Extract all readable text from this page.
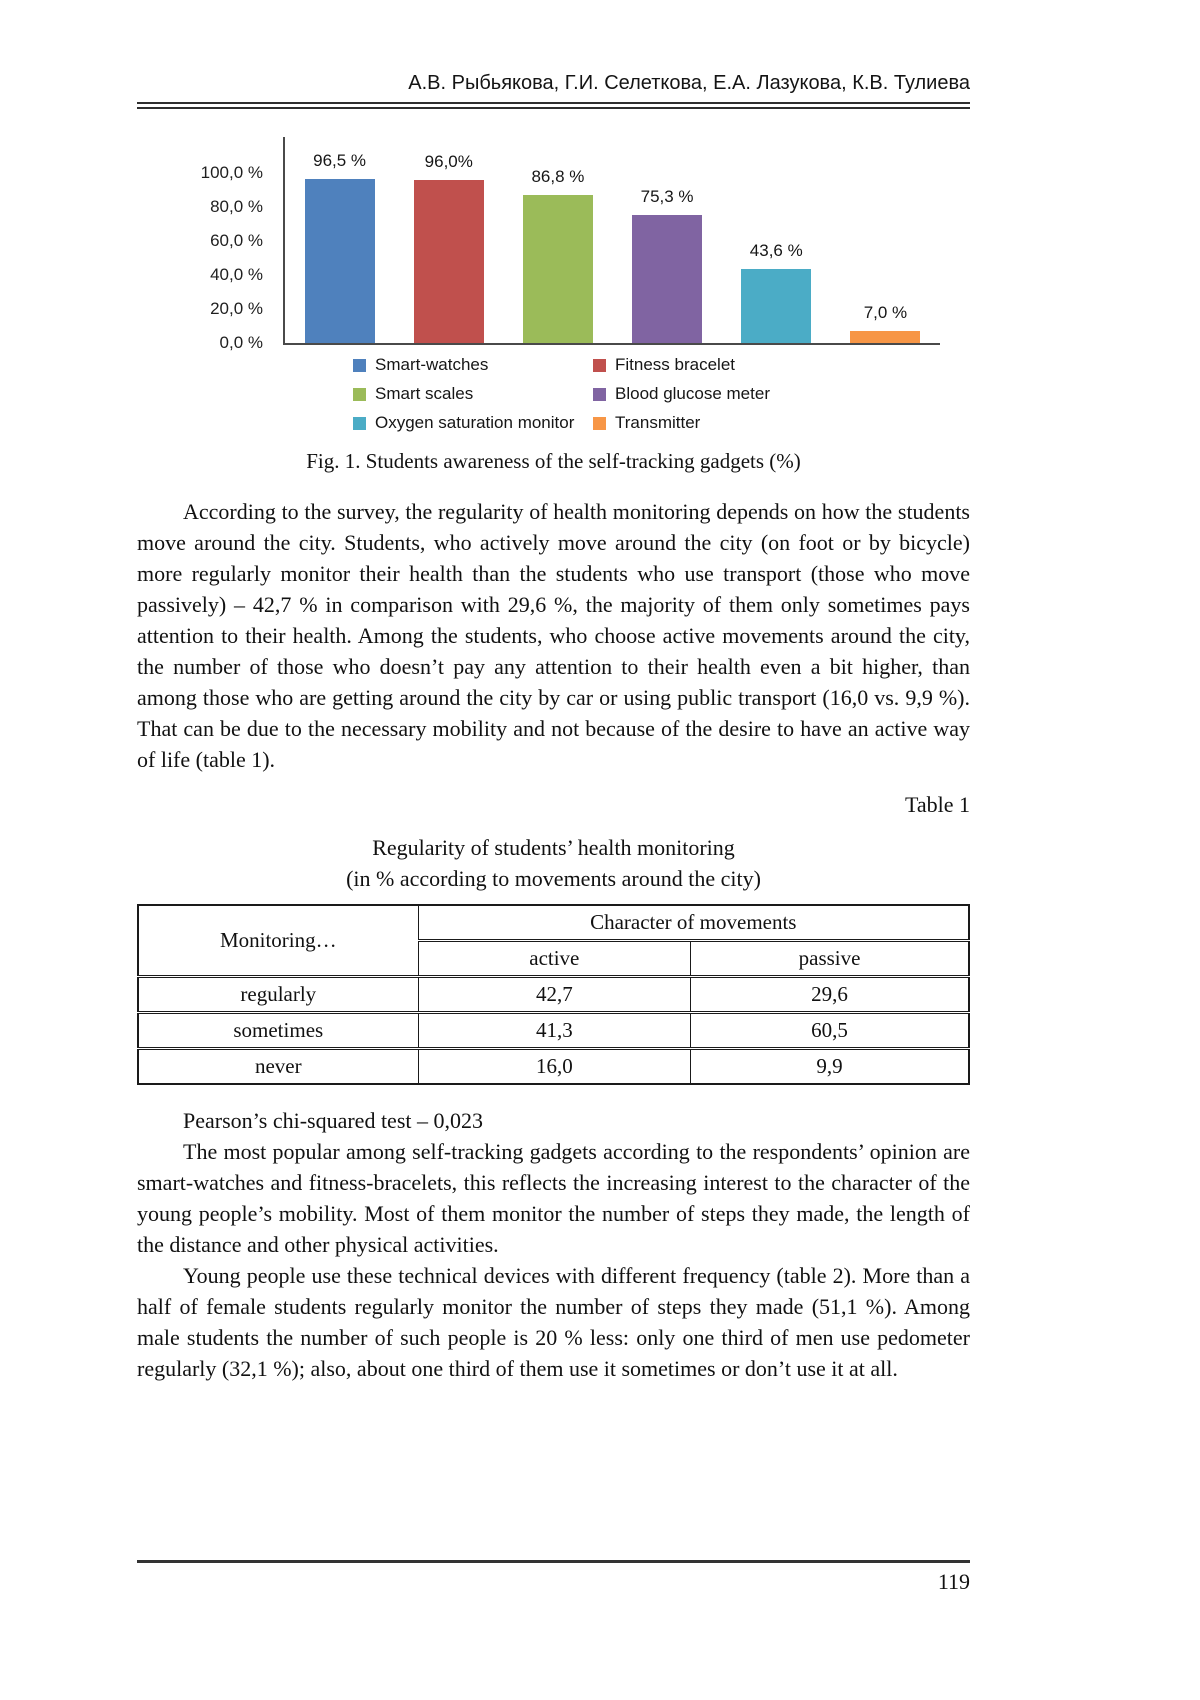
А.В. Рыбьякова, Г.И. Селеткова, Е.А. Лазукова, К.В. Тулиева
100,0 %
80,0 %
60,0 %
40,0 %
20,0 %
0,0 %
96,5 %	96,0%
86,8 %
75,3 %
43,6 %
7,0 %
Smart-watches	Fitness bracelet
Smart scales	Blood glucose meter
Oxygen saturation monitor Transmitter
Fig. 1. Students awareness of the self-tracking gadgets (%)

According to the survey, the regularity of health monitoring depends on how the students move around the city. Students, who actively move around the city (on foot or by bicycle) more regularly monitor their health than the students who use transport (those who move passively) – 42,7 % in comparison with 29,6 %, the majority of them only sometimes pays attention to their health. Among the students, who choose active movements around the city, the number of those who doesn’t pay any attention to their health even a bit higher, than among those who are getting around the city by car or using public transport (16,0 vs. 9,9 %). That can be due to the necessary mobility and not because of the desire to have an active way of life (table 1).

Table 1
Regularity of students’ health monitoring
(in % according to movements around the city)
Monitoring…	Character of movements	
	active	passive
regularly	42,7	29,6
sometimes	41,3	60,5
never	16,0	9,9

Pearson’s chi-squared test – 0,023

The most popular among self-tracking gadgets according to the respondents’ opinion are smart-watches and fitness-bracelets, this reflects the increasing interest to the character of the young people’s mobility. Most of them monitor the number of steps they made, the length of the distance and other physical activities.

Young people use these technical devices with different frequency (table 2). More than a half of female students regularly monitor the number of steps they made (51,1 %). Among male students the number of such people is 20 % less: only one third of men use pedometer regularly (32,1 %); also, about one third of them use it sometimes or don’t use it at all.

119
